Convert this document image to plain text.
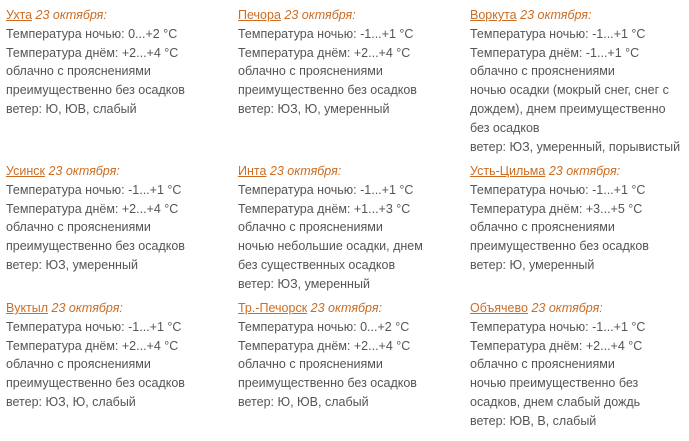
Ухта 23 октября:
Температура ночью: 0...+2 °C
Температура днём: +2...+4 °C
облачно с прояснениями
преимущественно без осадков
ветер: Ю, ЮВ, слабый
Печора 23 октября:
Температура ночью: -1...+1 °C
Температура днём: +2...+4 °C
облачно с прояснениями
преимущественно без осадков
ветер: ЮЗ, Ю, умеренный
Воркута 23 октября:
Температура ночью: -1...+1 °C
Температура днём: -1...+1 °C
облачно с прояснениями
ночью осадки (мокрый снег, снег с дождем), днем преимущественно без осадков
ветер: ЮЗ, умеренный, порывистый
Усинск 23 октября:
Температура ночью: -1...+1 °C
Температура днём: +2...+4 °C
облачно с прояснениями
преимущественно без осадков
ветер: ЮЗ, умеренный
Инта 23 октября:
Температура ночью: -1...+1 °C
Температура днём: +1...+3 °C
облачно с прояснениями
ночью небольшие осадки, днем без существенных осадков
ветер: ЮЗ, умеренный
Усть-Цильма 23 октября:
Температура ночью: -1...+1 °C
Температура днём: +3...+5 °C
облачно с прояснениями
преимущественно без осадков
ветер: Ю, умеренный
Вуктыл 23 октября:
Температура ночью: -1...+1 °C
Температура днём: +2...+4 °C
облачно с прояснениями
преимущественно без осадков
ветер: ЮЗ, Ю, слабый
Тр.-Печорск 23 октября:
Температура ночью: 0...+2 °C
Температура днём: +2...+4 °C
облачно с прояснениями
преимущественно без осадков
ветер: Ю, ЮВ, слабый
Объячево 23 октября:
Температура ночью: -1...+1 °C
Температура днём: +2...+4 °C
облачно с прояснениями
ночью преимущественно без осадков, днем слабый дождь
ветер: ЮВ, В, слабый
